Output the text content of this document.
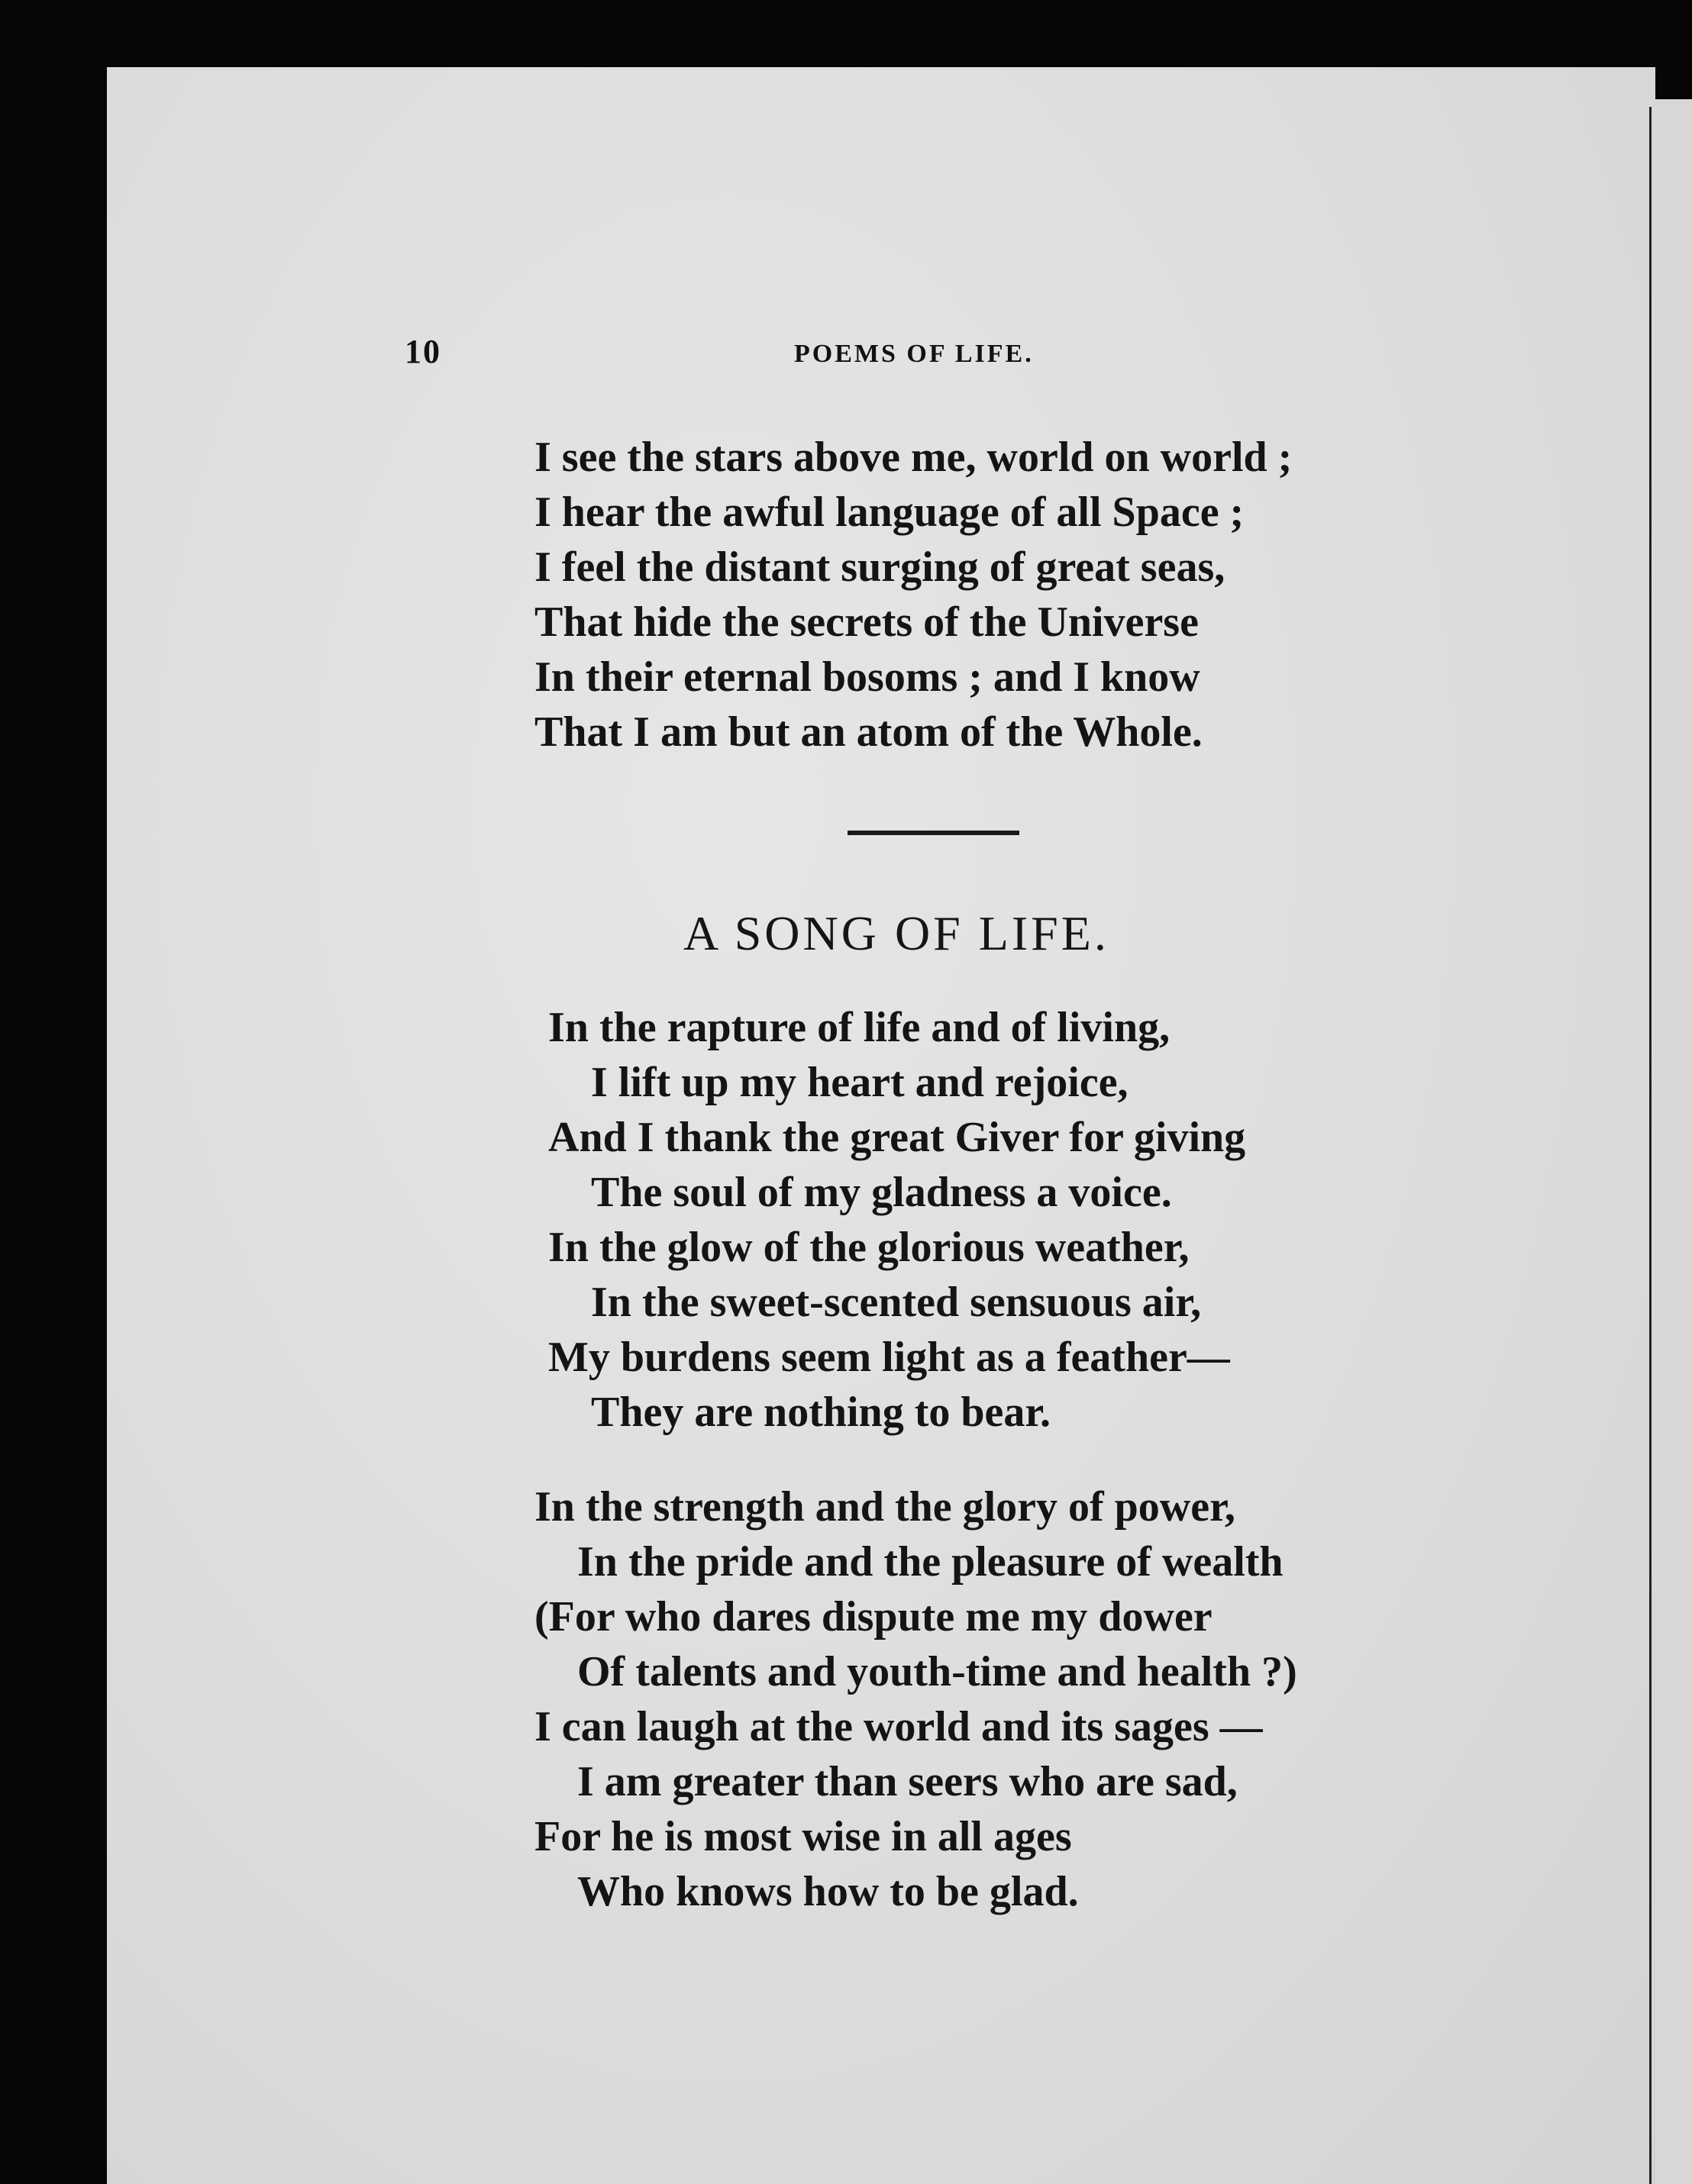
10	POEMS OF LIFE.
I see the stars above me, world on world ;
I hear the awful language of all Space ;
I feel the distant surging of great seas,
That hide the secrets of the Universe
In their eternal bosoms ; and I know
That I am but an atom of the Whole.
A SONG OF LIFE.
In the rapture of life and of living,
I lift up my heart and rejoice,
And I thank the great Giver for giving
The soul of my gladness a voice.
In the glow of the glorious weather,
In the sweet-scented sensuous air,
My burdens seem light as a feather—
They are nothing to bear.
In the strength and the glory of power,
In the pride and the pleasure of wealth
(For who dares dispute me my dower
Of talents and youth-time and health ?)
I can laugh at the world and its sages —
I am greater than seers who are sad,
For he is most wise in all ages
Who knows how to be glad.
